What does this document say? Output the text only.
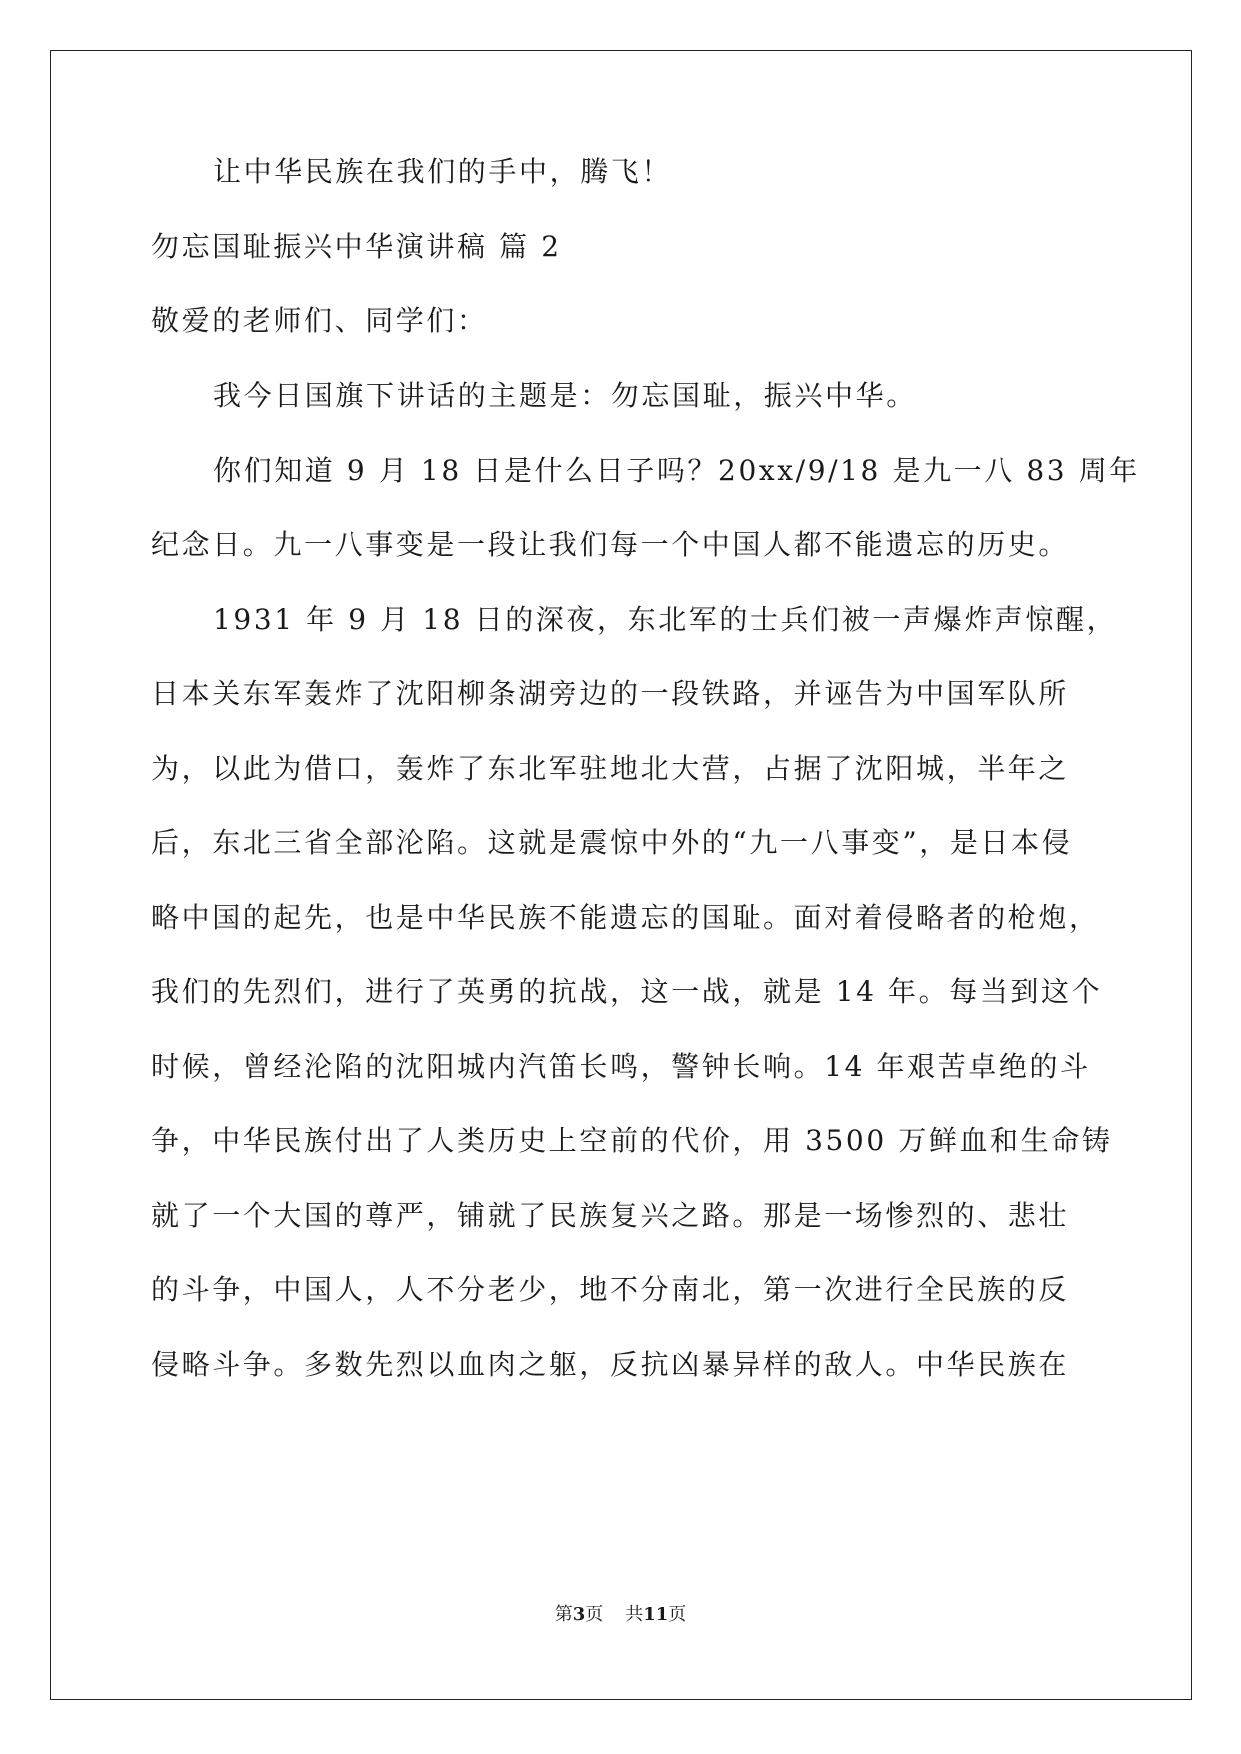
让中华民族在我们的手中，腾飞！
勿忘国耻振兴中华演讲稿 篇 2
敬爱的老师们、同学们：
我今日国旗下讲话的主题是：勿忘国耻，振兴中华。
你们知道 9 月 18 日是什么日子吗？20xx/9/18 是九一八 83 周年
纪念日。九一八事变是一段让我们每一个中国人都不能遗忘的历史。
1931 年 9 月 18 日的深夜，东北军的士兵们被一声爆炸声惊醒，
日本关东军轰炸了沈阳柳条湖旁边的一段铁路，并诬告为中国军队所
为，以此为借口，轰炸了东北军驻地北大营，占据了沈阳城，半年之
后，东北三省全部沦陷。这就是震惊中外的“九一八事变”，是日本侵
略中国的起先，也是中华民族不能遗忘的国耻。面对着侵略者的枪炮，
我们的先烈们，进行了英勇的抗战，这一战，就是 14 年。每当到这个
时候，曾经沦陷的沈阳城内汽笛长鸣，警钟长响。14 年艰苦卓绝的斗
争，中华民族付出了人类历史上空前的代价，用 3500 万鲜血和生命铸
就了一个大国的尊严，铺就了民族复兴之路。那是一场惨烈的、悲壮
的斗争，中国人，人不分老少，地不分南北，第一次进行全民族的反
侵略斗争。多数先烈以血肉之躯，反抗凶暴异样的敌人。中华民族在
第3页 共11页
